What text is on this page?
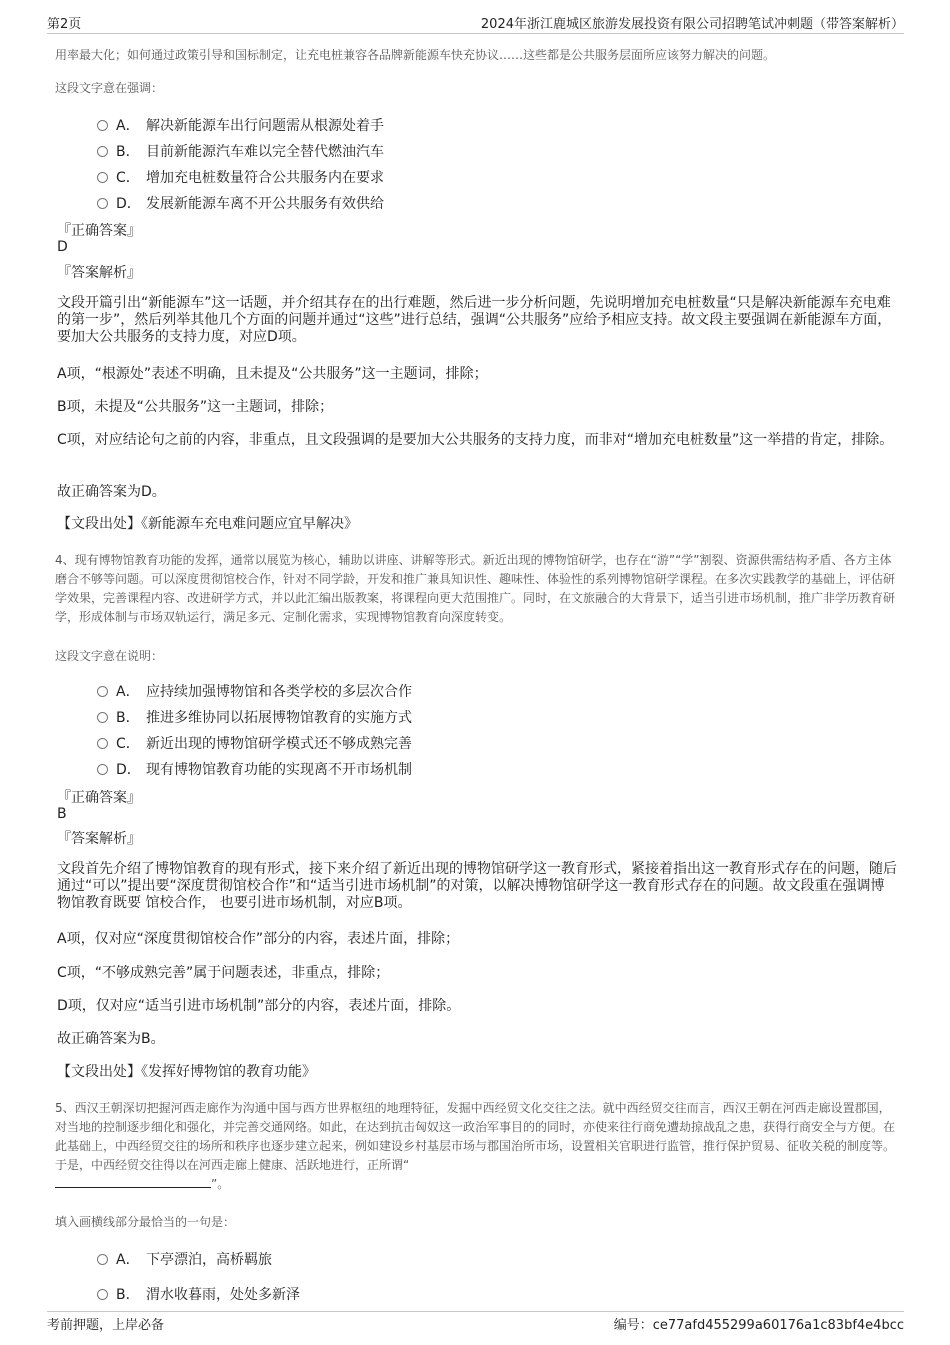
第2页	2024年浙江鹿城区旅游发展投资有限公司招聘笔试冲刺题（带答案解析）
用率最大化；如何通过政策引导和国标制定，让充电桩兼容各品牌新能源车快充协议……这些都是公共服务层面所应该努力解决的问题。
这段文字意在强调：
A． 解决新能源车出行问题需从根源处着手
B． 目前新能源汽车难以完全替代燃油汽车
C． 增加充电桩数量符合公共服务内在要求
D． 发展新能源车离不开公共服务有效供给
『正确答案』
D
『答案解析』
文段开篇引出“新能源车”这一话题，并介绍其存在的出行难题，然后进一步分析问题，先说明增加充电桩数量“只是解决新能源车充电难的第一步”，然后列举其他几个方面的问题并通过“这些”进行总结，强调“公共服务”应给予相应支持。故文段主要强调在新能源车方面，要加大公共服务的支持力度，对应D项。
A项，“根源处”表述不明确，且未提及“公共服务”这一主题词，排除；
B项，未提及“公共服务”这一主题词，排除；
C项，对应结论句之前的内容，非重点，且文段强调的是要加大公共服务的支持力度，而非对“增加充电桩数量”这一举措的肯定，排除。
故正确答案为D。
【文段出处】《新能源车充电难问题应宜早解决》
4、现有博物馆教育功能的发挥，通常以展览为核心，辅助以讲座、讲解等形式。新近出现的博物馆研学，也存在“游”“学”割裂、资源供需结构矛盾、各方主体磨合不够等问题。可以深度贯彻馆校合作，针对不同学龄，开发和推广兼具知识性、趣味性、体验性的系列博物馆研学课程。在多次实践教学的基础上，评估研学效果，完善课程内容、改进研学方式，并以此汇编出版教案，将课程向更大范围推广。同时，在文旅融合的大背景下，适当引进市场机制，推广非学历教育研学，形成体制与市场双轨运行，满足多元、定制化需求，实现博物馆教育向深度转变。
这段文字意在说明：
A． 应持续加强博物馆和各类学校的多层次合作
B． 推进多维协同以拓展博物馆教育的实施方式
C． 新近出现的博物馆研学模式还不够成熟完善
D． 现有博物馆教育功能的实现离不开市场机制
『正确答案』
B
『答案解析』
文段首先介绍了博物馆教育的现有形式，接下来介绍了新近出现的博物馆研学这一教育形式，紧接着指出这一教育形式存在的问题，随后通过“可以”提出要“深度贯彻馆校合作”和“适当引进市场机制”的对策，以解决博物馆研学这一教育形式存在的问题。故文段重在强调博物馆教育既要 馆校合作， 也要引进市场机制，对应B项。
A项，仅对应“深度贯彻馆校合作”部分的内容，表述片面，排除；
C项，“不够成熟完善”属于问题表述，非重点，排除；
D项，仅对应“适当引进市场机制”部分的内容，表述片面，排除。
故正确答案为B。
【文段出处】《发挥好博物馆的教育功能》
5、西汉王朝深切把握河西走廊作为沟通中国与西方世界枢纽的地理特征，发掘中西经贸文化交往之法。就中西经贸交往而言，西汉王朝在河西走廊设置郡国，对当地的控制逐步细化和强化，并完善交通网络。如此，在达到抗击匈奴这一政治军事目的的同时，亦使来往行商免遭劫掠战乱之患，获得行商安全与方便。在此基础上，中西经贸交往的场所和秩序也逐步建立起来，例如建设乡村基层市场与郡国治所市场，设置相关官职进行监管，推行保护贸易、征收关税的制度等。于是，中西经贸交往得以在河西走廊上健康、活跃地进行，正所谓“
”。
填入画横线部分最恰当的一句是：
A． 下亭漂泊，高桥羁旅
B． 渭水收暮雨，处处多新泽
考前押题，上岸必备	编号：ce77afd455299a60176a1c83bf4e4bcc
